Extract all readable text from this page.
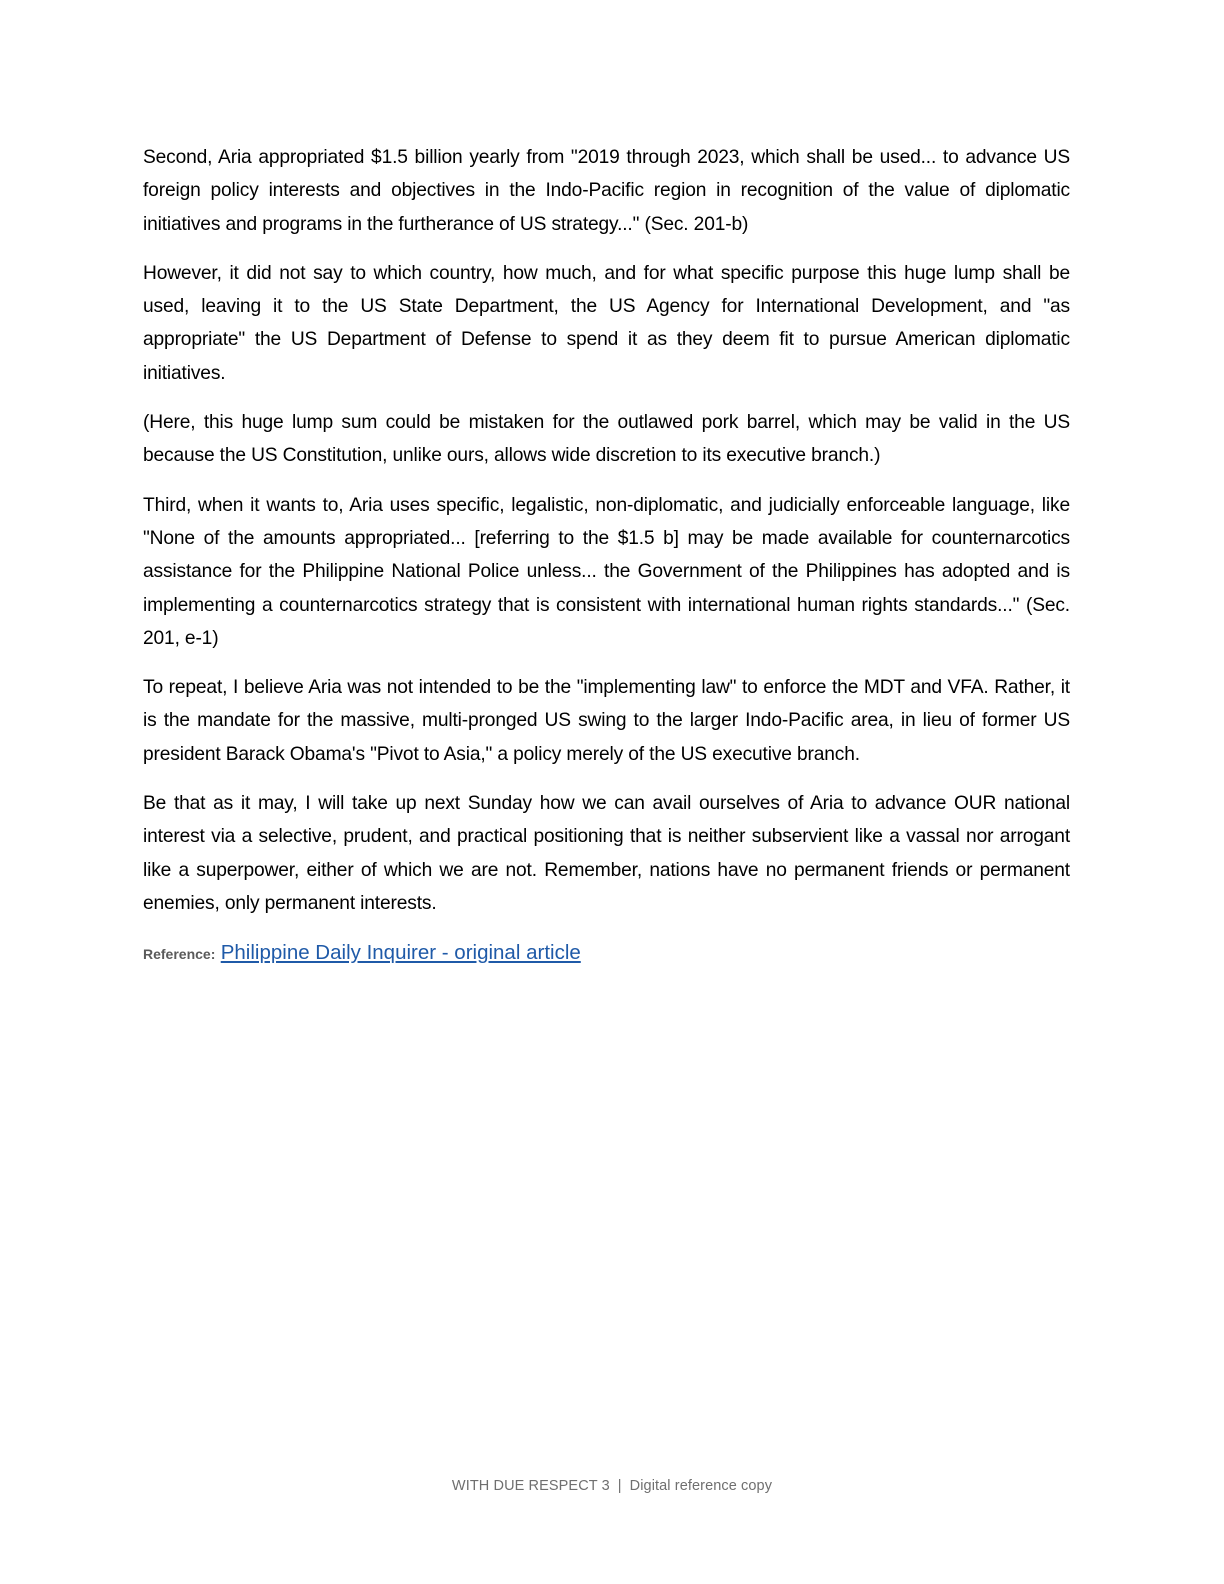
Second, Aria appropriated $1.5 billion yearly from "2019 through 2023, which shall be used... to advance US foreign policy interests and objectives in the Indo-Pacific region in recognition of the value of diplomatic initiatives and programs in the furtherance of US strategy..." (Sec. 201-b)

However, it did not say to which country, how much, and for what specific purpose this huge lump shall be used, leaving it to the US State Department, the US Agency for International Development, and "as appropriate" the US Department of Defense to spend it as they deem fit to pursue American diplomatic initiatives.

(Here, this huge lump sum could be mistaken for the outlawed pork barrel, which may be valid in the US because the US Constitution, unlike ours, allows wide discretion to its executive branch.)

Third, when it wants to, Aria uses specific, legalistic, non-diplomatic, and judicially enforceable language, like "None of the amounts appropriated... [referring to the $1.5 b] may be made available for counternarcotics assistance for the Philippine National Police unless... the Government of the Philippines has adopted and is implementing a counternarcotics strategy that is consistent with international human rights standards..." (Sec. 201, e-1)

To repeat, I believe Aria was not intended to be the "implementing law" to enforce the MDT and VFA. Rather, it is the mandate for the massive, multi-pronged US swing to the larger Indo-Pacific area, in lieu of former US president Barack Obama's "Pivot to Asia," a policy merely of the US executive branch.

Be that as it may, I will take up next Sunday how we can avail ourselves of Aria to advance OUR national interest via a selective, prudent, and practical positioning that is neither subservient like a vassal nor arrogant like a superpower, either of which we are not. Remember, nations have no permanent friends or permanent enemies, only permanent interests.

Reference: Philippine Daily Inquirer - original article

WITH DUE RESPECT 3 | Digital reference copy
